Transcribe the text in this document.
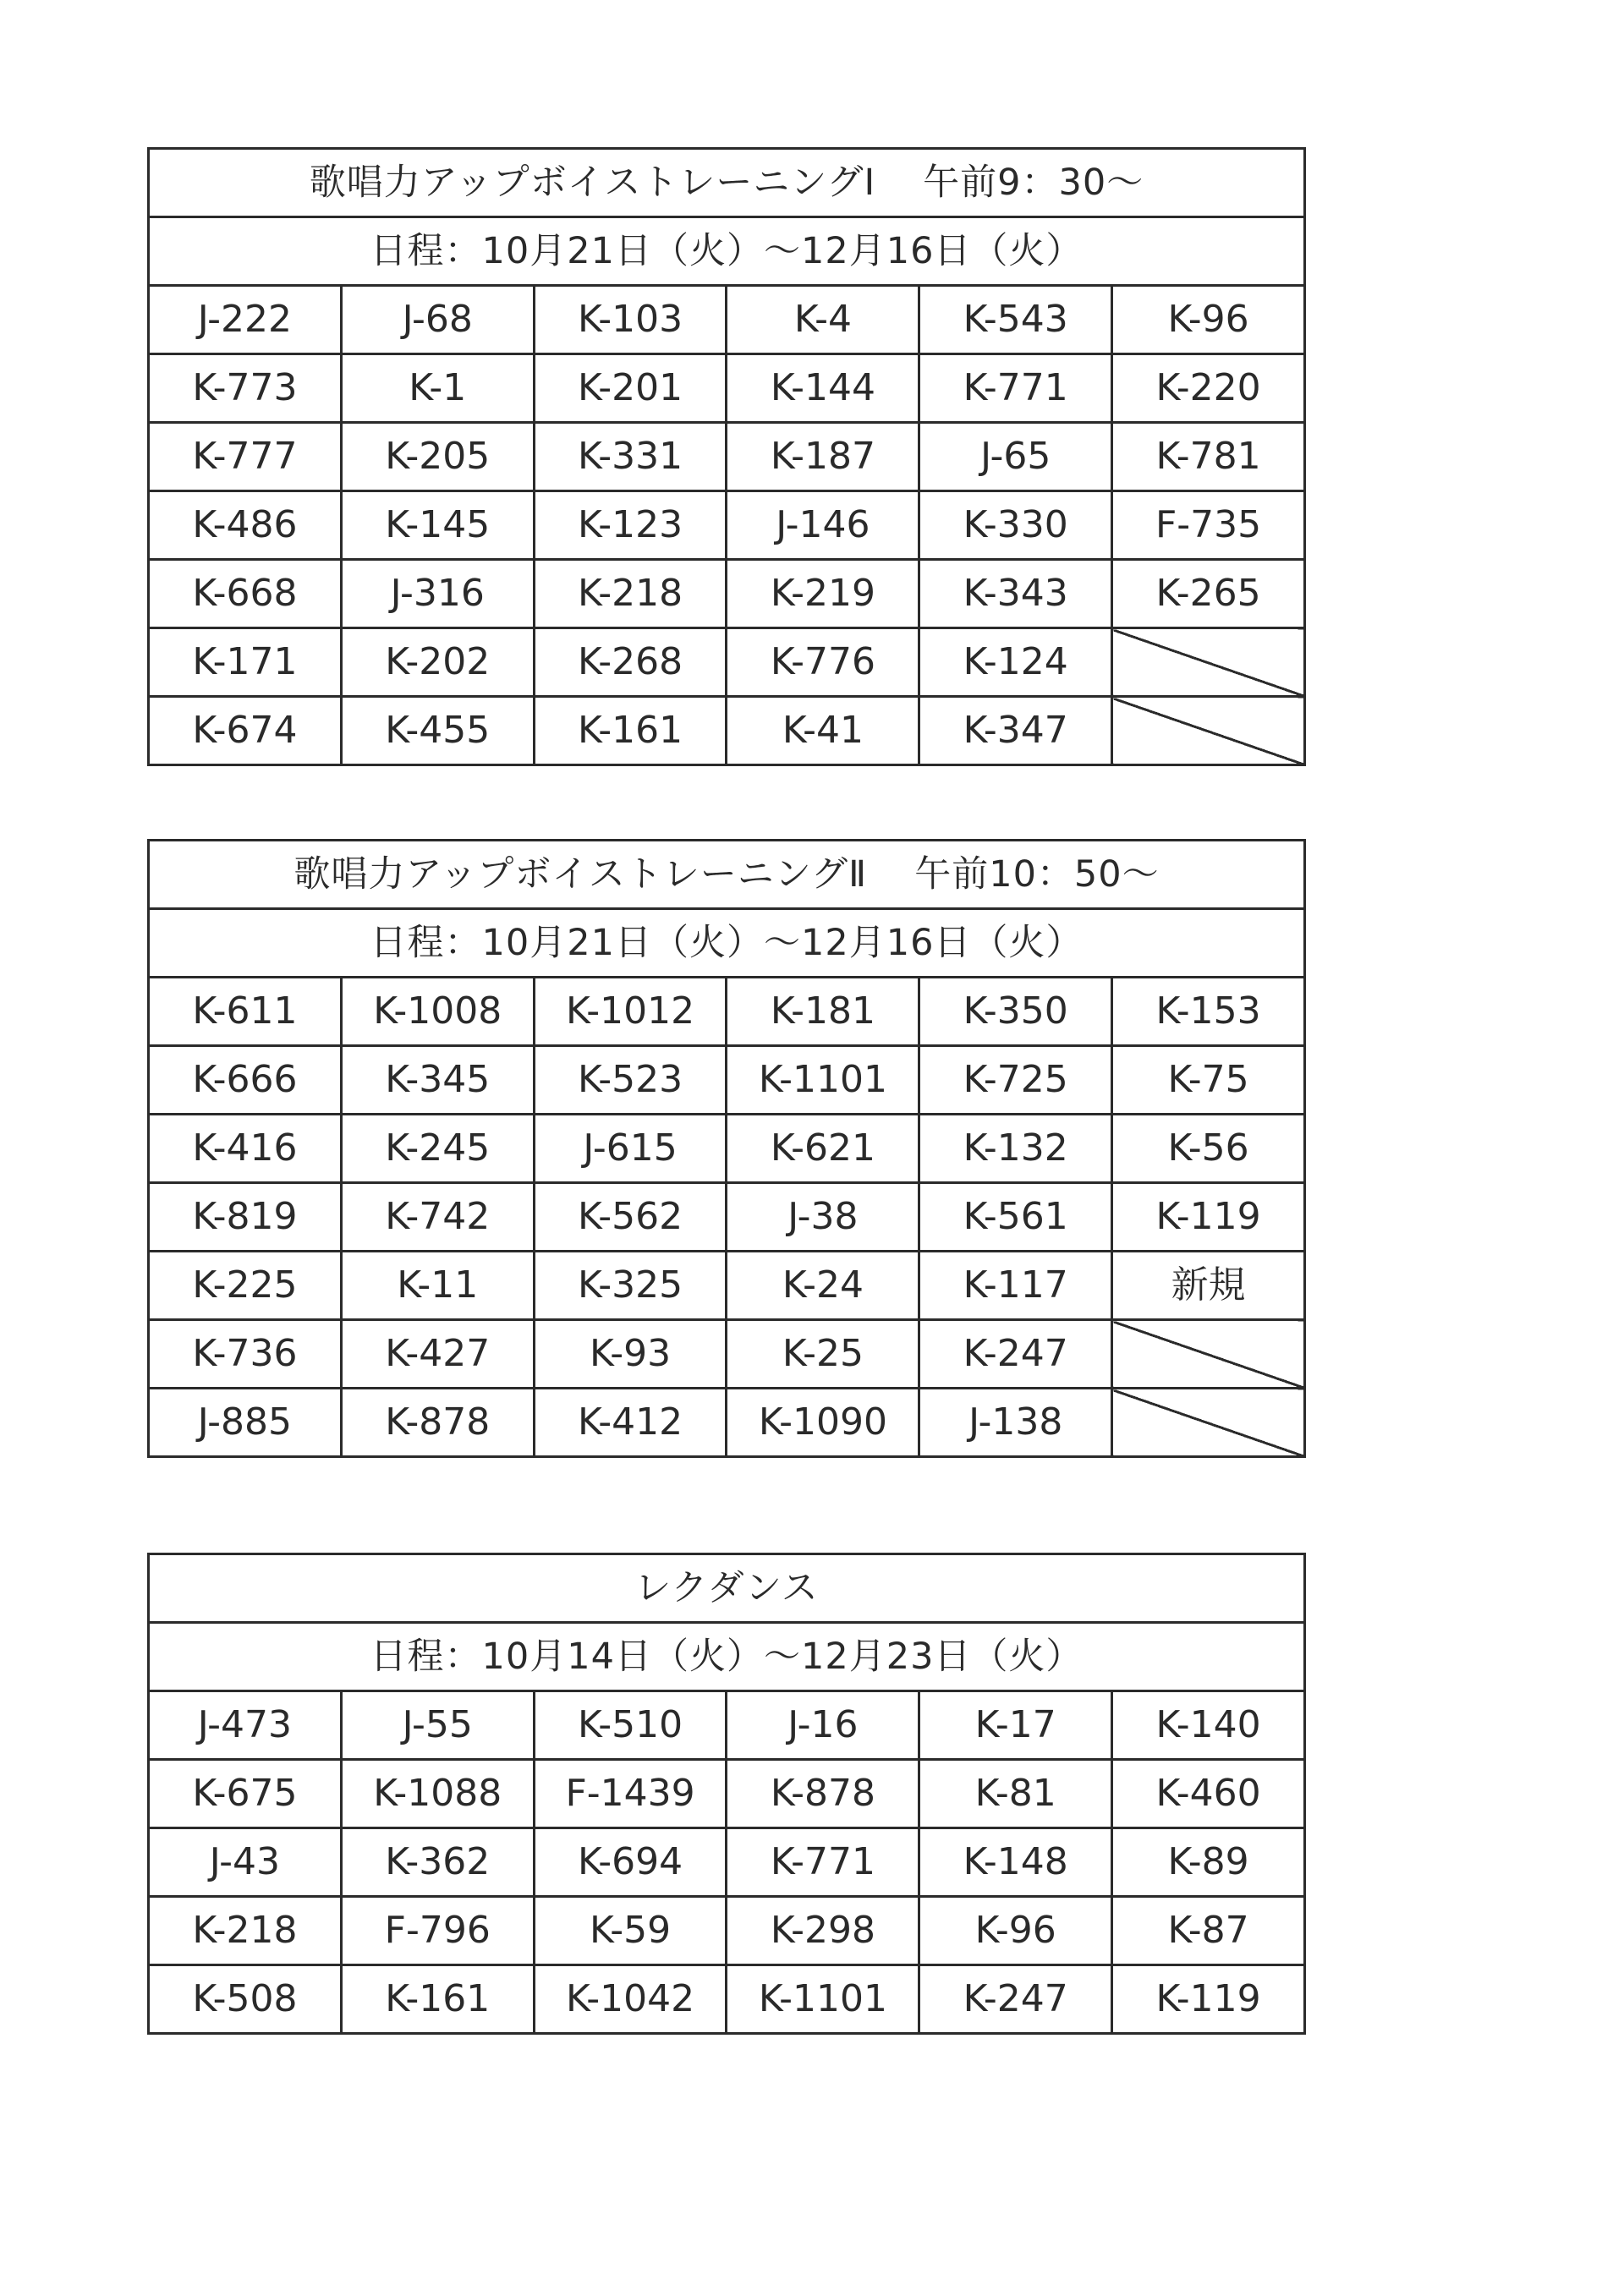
歌唱力アップボイストレーニングⅠ 午前9：30～					
日程：10月21日（火）～12月16日（火）					
J-222	J-68	K-103	K-4	K-543	K-96
K-773	K-1	K-201	K-144	K-771	K-220
K-777	K-205	K-331	K-187	J-65	K-781
K-486	K-145	K-123	J-146	K-330	F-735
K-668	J-316	K-218	K-219	K-343	K-265
K-171	K-202	K-268	K-776	K-124	
K-674	K-455	K-161	K-41	K-347	
歌唱力アップボイストレーニングⅡ 午前10：50～					
日程：10月21日（火）～12月16日（火）					
K-611	K-1008	K-1012	K-181	K-350	K-153
K-666	K-345	K-523	K-1101	K-725	K-75
K-416	K-245	J-615	K-621	K-132	K-56
K-819	K-742	K-562	J-38	K-561	K-119
K-225	K-11	K-325	K-24	K-117	新規
K-736	K-427	K-93	K-25	K-247	
J-885	K-878	K-412	K-1090	J-138	
レクダンス					
日程：10月14日（火）～12月23日（火）					
J-473	J-55	K-510	J-16	K-17	K-140
K-675	K-1088	F-1439	K-878	K-81	K-460
J-43	K-362	K-694	K-771	K-148	K-89
K-218	F-796	K-59	K-298	K-96	K-87
K-508	K-161	K-1042	K-1101	K-247	K-119
